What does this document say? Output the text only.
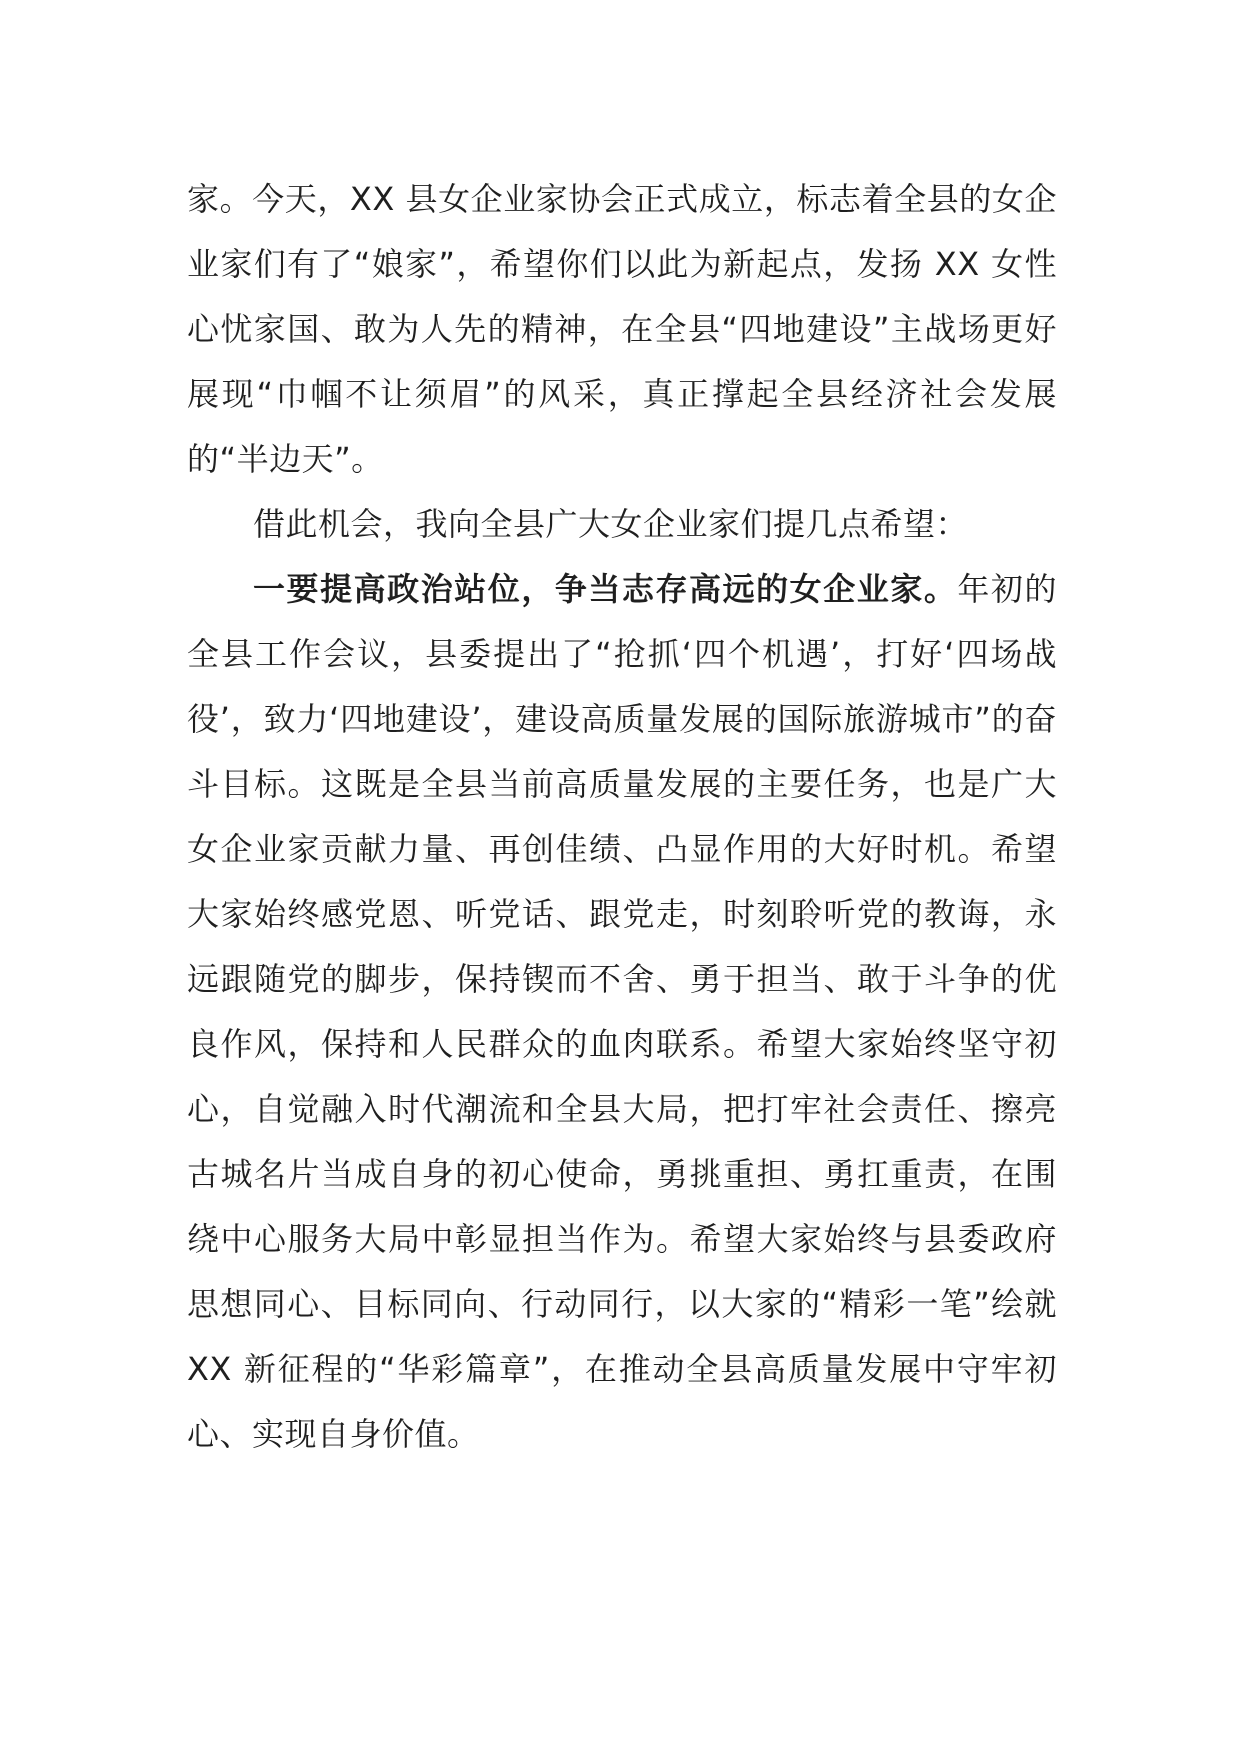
家。今天，XX 县女企业家协会正式成立，标志着全县的女企业家们有了“娘家”，希望你们以此为新起点，发扬 XX 女性心忧家国、敢为人先的精神，在全县“四地建设”主战场更好展现“巾帼不让须眉”的风采，真正撑起全县经济社会发展的“半边天”。

借此机会，我向全县广大女企业家们提几点希望：

一要提高政治站位，争当志存高远的女企业家。年初的全县工作会议，县委提出了“抢抓‘四个机遇’，打好‘四场战役’，致力‘四地建设’，建设高质量发展的国际旅游城市”的奋斗目标。这既是全县当前高质量发展的主要任务，也是广大女企业家贡献力量、再创佳绩、凸显作用的大好时机。希望大家始终感党恩、听党话、跟党走，时刻聆听党的教诲，永远跟随党的脚步，保持锲而不舍、勇于担当、敢于斗争的优良作风，保持和人民群众的血肉联系。希望大家始终坚守初心，自觉融入时代潮流和全县大局，把打牢社会责任、擦亮古城名片当成自身的初心使命，勇挑重担、勇扛重责，在围绕中心服务大局中彰显担当作为。希望大家始终与县委政府思想同心、目标同向、行动同行，以大家的“精彩一笔”绘就 XX 新征程的“华彩篇章”，在推动全县高质量发展中守牢初心、实现自身价值。
